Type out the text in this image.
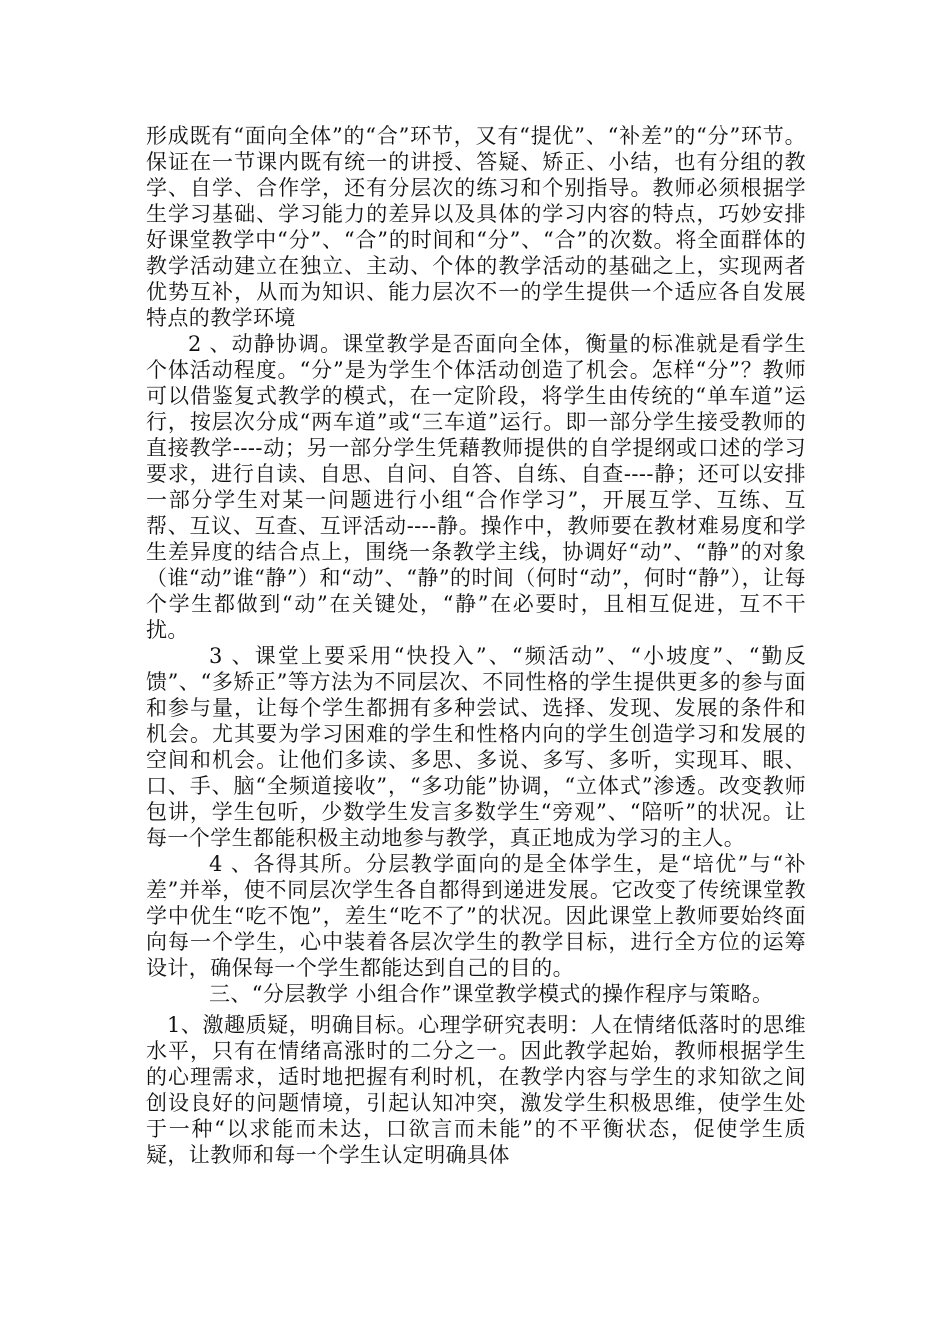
形成既有“面向全体”的“合”环节，又有“提优”、“补差”的“分”环节。保证在一节课内既有统一的讲授、答疑、矫正、小结，也有分组的教学、自学、合作学，还有分层次的练习和个别指导。教师必须根据学生学习基础、学习能力的差异以及具体的学习内容的特点，巧妙安排好课堂教学中“分”、“合”的时间和“分”、“合”的次数。将全面群体的教学活动建立在独立、主动、个体的教学活动的基础之上，实现两者优势互补，从而为知识、能力层次不一的学生提供一个适应各自发展特点的教学环境

2 、动静协调。课堂教学是否面向全体，衡量的标准就是看学生个体活动程度。“分”是为学生个体活动创造了机会。怎样“分”？教师可以借鉴复式教学的模式，在一定阶段，将学生由传统的“单车道”运行，按层次分成“两车道”或“三车道”运行。即一部分学生接受教师的直接教学----动；另一部分学生凭藉教师提供的自学提纲或口述的学习要求，进行自读、自思、自问、自答、自练、自查----静；还可以安排一部分学生对某一问题进行小组“合作学习”，开展互学、互练、互帮、互议、互查、互评活动----静。操作中，教师要在教材难易度和学生差异度的结合点上，围绕一条教学主线，协调好“动”、“静”的对象（谁“动”谁“静”）和“动”、“静”的时间（何时“动”，何时“静”），让每个学生都做到“动”在关键处，“静”在必要时，且相互促进，互不干扰。

3 、课堂上要采用“快投入”、“频活动”、“小坡度”、“勤反馈”、“多矫正”等方法为不同层次、不同性格的学生提供更多的参与面和参与量，让每个学生都拥有多种尝试、选择、发现、发展的条件和机会。尤其要为学习困难的学生和性格内向的学生创造学习和发展的空间和机会。让他们多读、多思、多说、多写、多听，实现耳、眼、口、手、脑“全频道接收”，“多功能”协调，“立体式”渗透。改变教师包讲，学生包听，少数学生发言多数学生“旁观”、“陪听”的状况。让每一个学生都能积极主动地参与教学，真正地成为学习的主人。

4 、各得其所。分层教学面向的是全体学生，是“培优”与“补差”并举，使不同层次学生各自都得到递进发展。它改变了传统课堂教学中优生“吃不饱”，差生“吃不了”的状况。因此课堂上教师要始终面向每一个学生，心中装着各层次学生的教学目标，进行全方位的运筹设计，确保每一个学生都能达到自己的目的。

三、“分层教学 小组合作”课堂教学模式的操作程序与策略。

1、激趣质疑，明确目标。心理学研究表明：人在情绪低落时的思维水平，只有在情绪高涨时的二分之一。因此教学起始，教师根据学生的心理需求，适时地把握有利时机，在教学内容与学生的求知欲之间创设良好的问题情境，引起认知冲突，激发学生积极思维，使学生处于一种“以求能而未达，口欲言而未能”的不平衡状态，促使学生质疑，让教师和每一个学生认定明确具体
